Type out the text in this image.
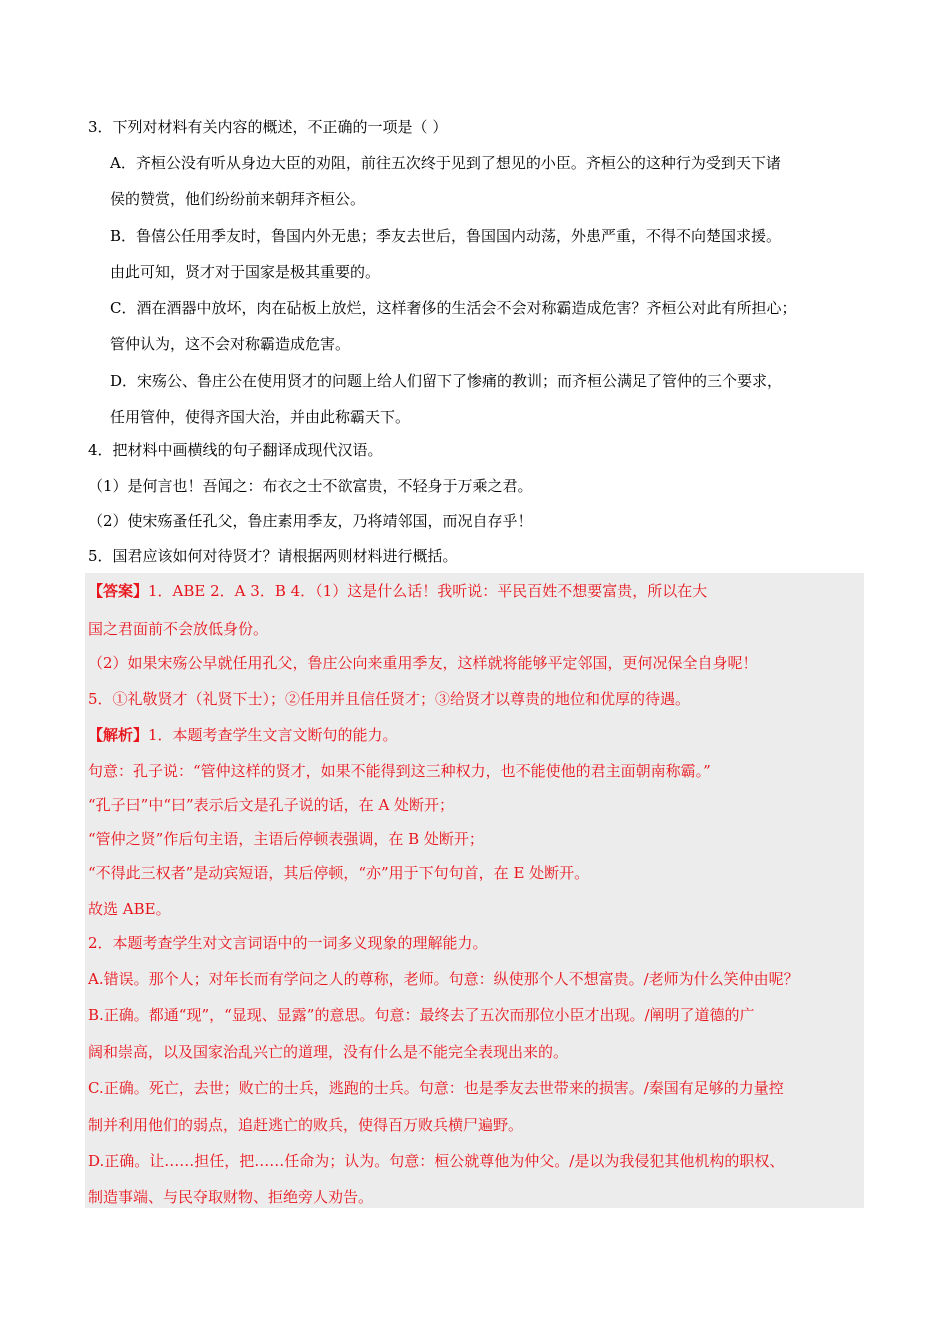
3．下列对材料有关内容的概述，不正确的一项是（ ）
A．齐桓公没有听从身边大臣的劝阻，前往五次终于见到了想见的小臣。齐桓公的这种行为受到天下诸
侯的赞赏，他们纷纷前来朝拜齐桓公。
B．鲁僖公任用季友时，鲁国内外无患；季友去世后，鲁国国内动荡，外患严重，不得不向楚国求援。
由此可知，贤才对于国家是极其重要的。
C．酒在酒器中放坏，肉在砧板上放烂，这样奢侈的生活会不会对称霸造成危害？齐桓公对此有所担心；
管仲认为，这不会对称霸造成危害。
D．宋殇公、鲁庄公在使用贤才的问题上给人们留下了惨痛的教训；而齐桓公满足了管仲的三个要求，
任用管仲，使得齐国大治，并由此称霸天下。
4．把材料中画横线的句子翻译成现代汉语。
（1）是何言也！吾闻之：布衣之士不欲富贵，不轻身于万乘之君。
（2）使宋殇蚤任孔父，鲁庄素用季友，乃将靖邻国，而况自存乎！
5．国君应该如何对待贤才？请根据两则材料进行概括。
【答案】1．ABE 2．A 3．B 4．（1）这是什么话！我听说：平民百姓不想要富贵，所以在大
国之君面前不会放低身份。
（2）如果宋殇公早就任用孔父，鲁庄公向来重用季友，这样就将能够平定邻国，更何况保全自身呢！
5．①礼敬贤才（礼贤下士）；②任用并且信任贤才；③给贤才以尊贵的地位和优厚的待遇。
【解析】1．本题考查学生文言文断句的能力。
句意：孔子说：“管仲这样的贤才，如果不能得到这三种权力，也不能使他的君主面朝南称霸。”
“孔子曰”中“曰”表示后文是孔子说的话，在 A 处断开；
“管仲之贤”作后句主语，主语后停顿表强调，在 B 处断开；
“不得此三权者”是动宾短语，其后停顿，“亦”用于下句句首，在 E 处断开。
故选 ABE。
2．本题考查学生对文言词语中的一词多义现象的理解能力。
A.错误。那个人；对年长而有学问之人的尊称，老师。句意：纵使那个人不想富贵。/老师为什么笑仲由呢？
B.正确。都通“现”，“显现、显露”的意思。句意：最终去了五次而那位小臣才出现。/阐明了道德的广
阔和崇高，以及国家治乱兴亡的道理，没有什么是不能完全表现出来的。
C.正确。死亡，去世；败亡的士兵，逃跑的士兵。句意：也是季友去世带来的损害。/秦国有足够的力量控
制并利用他们的弱点，追赶逃亡的败兵，使得百万败兵横尸遍野。
D.正确。让……担任，把……任命为；认为。句意：桓公就尊他为仲父。/是以为我侵犯其他机构的职权、
制造事端、与民夺取财物、拒绝旁人劝告。
